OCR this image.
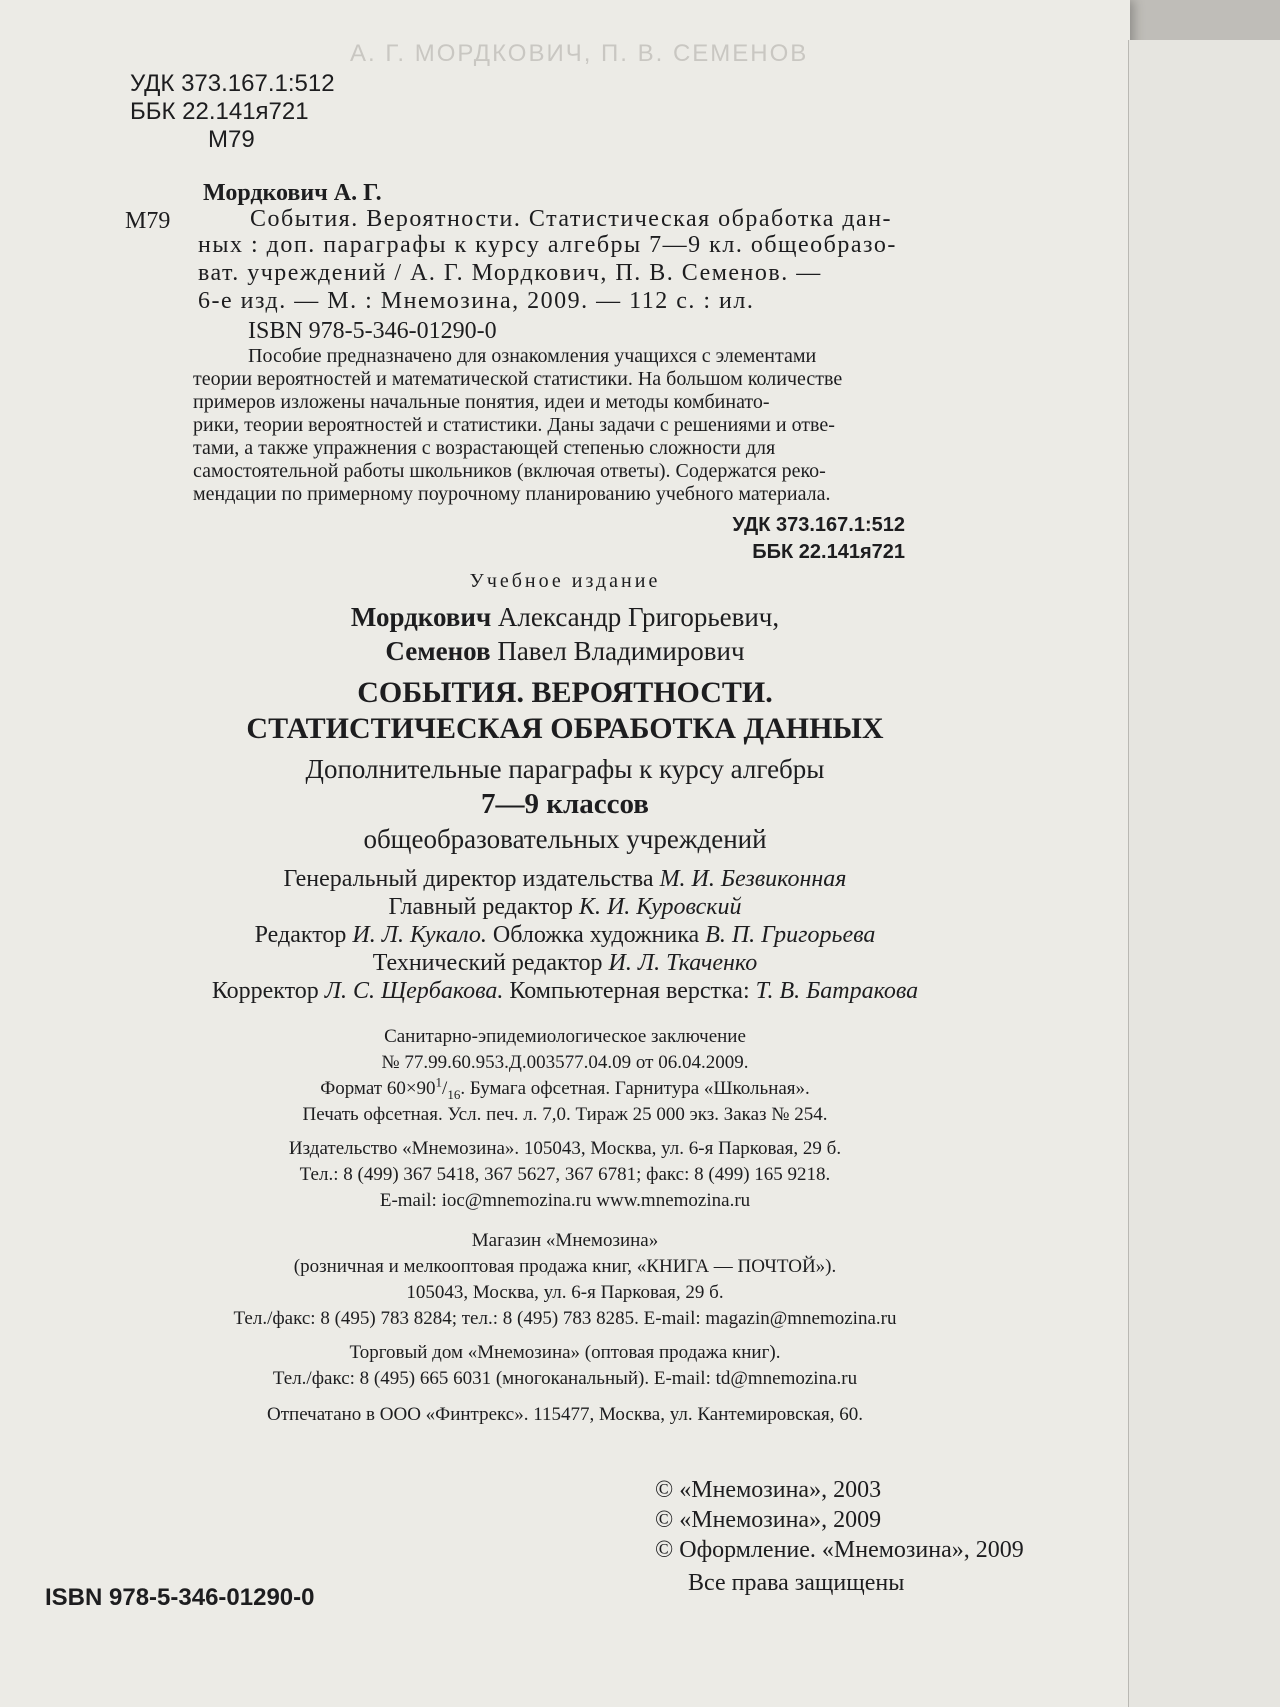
А. Г. МОРДКОВИЧ, П. В. СЕМЕНОВ

УДК 373.167.1:512

ББК 22.141я721

М79

Мордкович А. Г.

М79	События. Вероятности. Статистическая обработка дан-

ных : доп. параграфы к курсу алгебры 7—9 кл. общеобразо-

ват. учреждений / А. Г. Мордкович, П. В. Семенов. —

6-е изд. — М. : Мнемозина, 2009. — 112 с. : ил.

ISBN 978-5-346-01290-0

Пособие предназначено для ознакомления учащихся с элементами

теории вероятностей и математической статистики. На большом количестве

примеров изложены начальные понятия, идеи и методы комбинато-

рики, теории вероятностей и статистики. Даны задачи с решениями и отве-

тами, а также упражнения с возрастающей степенью сложности для

самостоятельной работы школьников (включая ответы). Содержатся реко-

мендации по примерному поурочному планированию учебного материала.

УДК 373.167.1:512

ББК 22.141я721

Учебное издание

Мордкович Александр Григорьевич,

Семенов Павел Владимирович

СОБЫТИЯ. ВЕРОЯТНОСТИ.

СТАТИСТИЧЕСКАЯ ОБРАБОТКА ДАННЫХ

Дополнительные параграфы к курсу алгебры

7—9 классов

общеобразовательных учреждений

Генеральный директор издательства М. И. Безвиконная

Главный редактор К. И. Куровский

Редактор И. Л. Кукало. Обложка художника В. П. Григорьева

Технический редактор И. Л. Ткаченко

Корректор Л. С. Щербакова. Компьютерная верстка: Т. В. Батракова

Санитарно-эпидемиологическое заключение

№ 77.99.60.953.Д.003577.04.09 от 06.04.2009.

Формат $60\times 90^1/_{16}$. Бумага офсетная. Гарнитура «Школьная».

Печать офсетная. Усл. печ. л. 7,0. Тираж 25 000 экз. Заказ № 254.

Издательство «Мнемозина». 105043, Москва, ул. 6-я Парковая, 29 б.

Тел.: 8 (499) 367 5418, 367 5627, 367 6781; факс: 8 (499) 165 9218.

E-mail: ioc@mnemozina.ru www.mnemozina.ru

Магазин «Мнемозина»

(розничная и мелкооптовая продажа книг, «КНИГА — ПОЧТОЙ»).

105043, Москва, ул. 6-я Парковая, 29 б.

Тел./факс: 8 (495) 783 8284; тел.: 8 (495) 783 8285. E-mail: magazin@mnemozina.ru

Торговый дом «Мнемозина» (оптовая продажа книг).

Тел./факс: 8 (495) 665 6031 (многоканальный). E-mail: td@mnemozina.ru

Отпечатано в ООО «Финтрекс». 115477, Москва, ул. Кантемировская, 60.

© «Мнемозина», 2003

© «Мнемозина», 2009

© Оформление. «Мнемозина», 2009

Все права защищены

ISBN 978-5-346-01290-0
